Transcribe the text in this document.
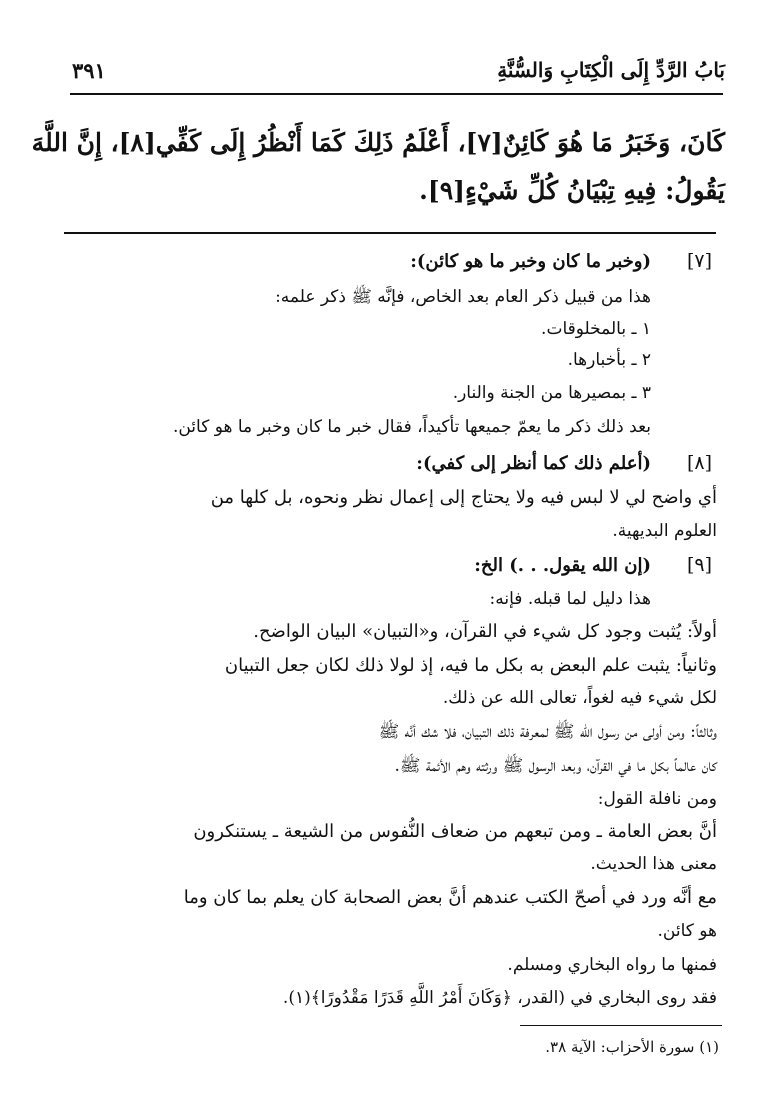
بَابُ الرَّدِّ إِلَى الْكِتَابِ وَالسُّنَّةِ
٣٩١
كَانَ، وَخَبَرُ مَا هُوَ كَائِنٌ[٧]، أَعْلَمُ ذَلِكَ كَمَا أَنْظُرُ إِلَى كَفِّي[٨]، إِنَّ اللَّهَ
يَقُولُ: فِيهِ تِبْيَانُ كُلِّ شَيْءٍ[٩].
[٧]
(وخبر ما كان وخبر ما هو كائن):
هذا من قبيل ذكر العام بعد الخاص، فإنَّه ﷺ ذكر علمه:
١ ـ بالمخلوقات.
٢ ـ بأخبارها.
٣ ـ بمصيرها من الجنة والنار.
بعد ذلك ذكر ما يعمّ جميعها تأكيداً، فقال خبر ما كان وخبر ما هو كائن.
[٨]
(أعلم ذلك كما أنظر إلى كفي):
أي واضح لي لا لبس فيه ولا يحتاج إلى إعمال نظر ونحوه، بل كلها من
العلوم البديهية.
[٩]
(إن الله يقول. . .) الخ:
هذا دليل لما قبله. فإنه:
أولاً: يُثبت وجود كل شيء في القرآن، و«التبيان» البيان الواضح.
وثانياً: يثبت علم البعض به بكل ما فيه، إذ لولا ذلك لكان جعل التبيان
لكل شيء فيه لغواً، تعالى الله عن ذلك.
وثالثاً: ومن أولى من رسول الله ﷺ لمعرفة ذلك التبيان، فلا شك أنَّه ﷺ
كان عالماً بكل ما في القرآن، وبعد الرسول ﷺ ورثته وهم الأئمة ﷺ.
ومن نافلة القول:
أنَّ بعض العامة ـ ومن تبعهم من ضعاف النُّفوس من الشيعة ـ يستنكرون
معنى هذا الحديث.
مع أنَّه ورد في أصحّ الكتب عندهم أنَّ بعض الصحابة كان يعلم بما كان وما
هو كائن.
فمنها ما رواه البخاري ومسلم.
فقد روى البخاري في (القدر، ﴿وَكَانَ أَمْرُ اللَّهِ قَدَرًا مَقْدُورًا﴾(١).
(١) سورة الأحزاب: الآية ٣٨.
